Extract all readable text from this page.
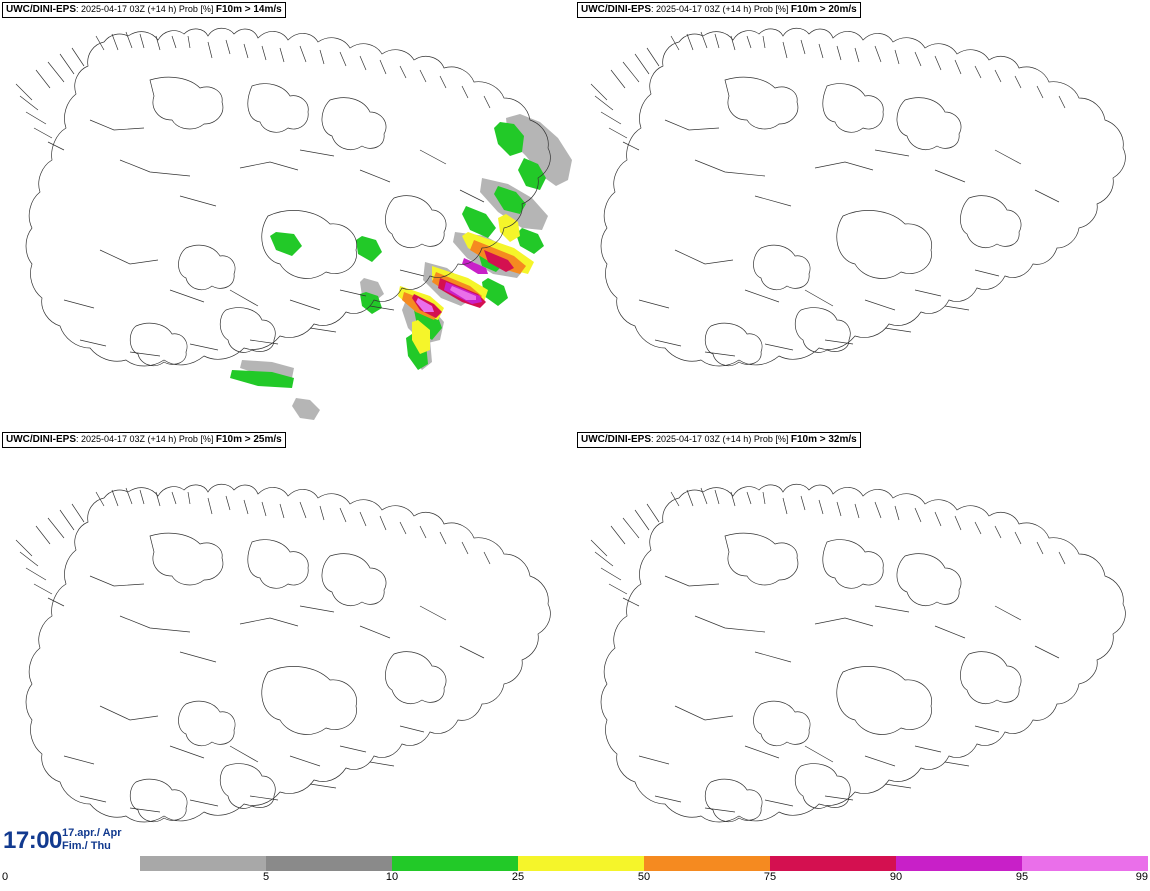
UWC/DINI-EPS: 2025-04-17 03Z (+14 h) Prob [%] F10m > 14m/s	UWC/DINI-EPS: 2025-04-17 03Z (+14 h) Prob [%] F10m > 20m/s
UWC/DINI-EPS: 2025-04-17 03Z (+14 h) Prob [%] F10m > 25m/s	UWC/DINI-EPS: 2025-04-17 03Z (+14 h) Prob [%] F10m > 32m/s
17:00 17.apr./ Apr
Fim./ Thu
0	5	10	25	50	75	90	95	99
